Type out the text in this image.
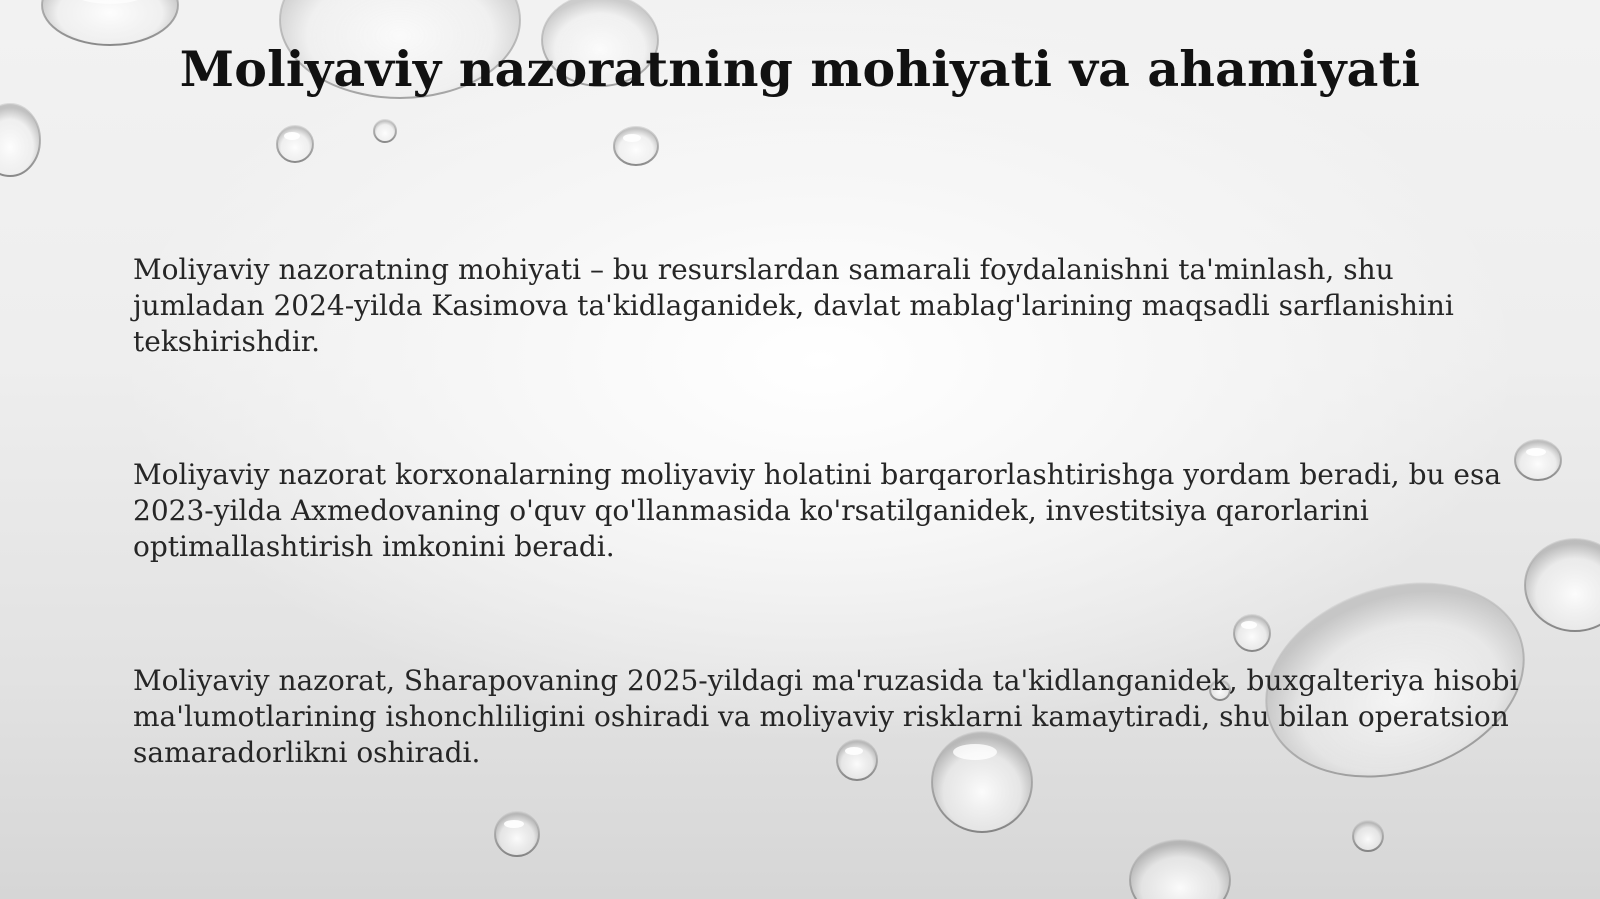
Moliyaviy nazoratning mohiyati va ahamiyati

Moliyaviy nazoratning mohiyati – bu resurslardan samarali foydalanishni ta'minlash, shu jumladan 2024-yilda Kasimova ta'kidlaganidek, davlat mablag'larining maqsadli sarflanishini tekshirishdir.

Moliyaviy nazorat korxonalarning moliyaviy holatini barqarorlashtirishga yordam beradi, bu esa 2023-yilda Axmedovaning o'quv qo'llanmasida ko'rsatilganidek, investitsiya qarorlarini optimallashtirish imkonini beradi.

Moliyaviy nazorat, Sharapovaning 2025-yildagi ma'ruzasida ta'kidlanganidek, buxgalteriya hisobi ma'lumotlarining ishonchliligini oshiradi va moliyaviy risklarni kamaytiradi, shu bilan operatsion samaradorlikni oshiradi.
